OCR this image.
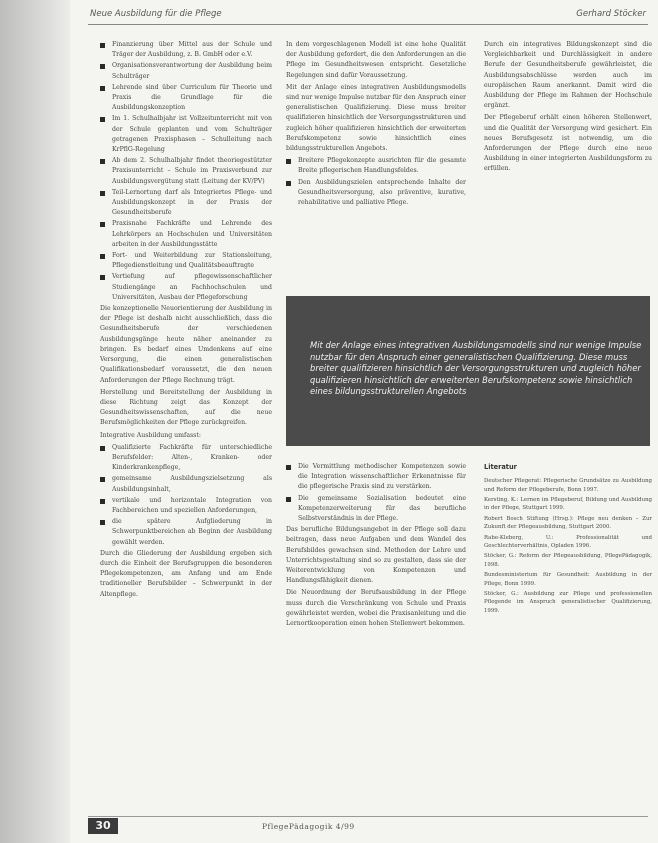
Neue Ausbildung für die Pflege	Gerhard Stöcker
Finanzierung über Mittel aus der Schule und Träger der Ausbildung, z. B. GmbH oder e.V.
Organisationsverantwortung der Ausbildung beim Schulträger
Lehrende sind über Curriculum für Theorie und Praxis die Grundlage für die Ausbildungskonzeption
Im 1. Schulhalbjahr ist Vollzeitunterricht mit von der Schule geplanten und vom Schulträger getragenen Praxisphasen – Schulleitung nach KrPflG-Regelung
Ab dem 2. Schulhalbjahr findet theoriegestützter Praxisunterricht – Schule im Praxisverbund zur Ausbildungsvergütung statt (Leitung der KV/PV)
Teil-Lernortung darf als Integriertes Pflege- und Ausbildungskonzept in der Praxis der Gesundheitsberufe
Praxisnahe Fachkräfte und Lehrende des Lehrkörpers an Hochschulen und Universitäten arbeiten in der Ausbildungsstätte
Fort- und Weiterbildung zur Stationsleitung, Pflegedienstleitung und Qualitätsbeauftragte
Vertiefung auf pflegewissenschaftlicher Studiengänge an Fachhochschulen und Universitäten, Ausbau der Pflegeforschung

Die konzeptionelle Neuorientierung der Ausbildung in der Pflege ist deshalb nicht ausschließlich, dass die Gesundheitsberufe der verschiedenen Ausbildungsgänge heute näher aneinander zu bringen. Es bedarf eines Umdenkens auf eine Versorgung, die einen generalistischen Qualifikationsbedarf voraussetzt, die den neuen Anforderungen der Pflege Rechnung trägt.

Herstellung und Bereitstellung der Ausbildung in diese Richtung zeigt das Konzept der Gesundheitswissenschaften, auf die neue Berufsmöglichkeiten der Pflege zurückgreifen.

Integrative Ausbildung umfasst:

Qualifizierte Fachkräfte für unterschiedliche Berufsfelder: Alten-, Kranken- oder Kinderkrankenpflege,
gemeinsame Ausbildungszielsetzung als Ausbildungsinhalt,
vertikale und horizontale Integration von Fachbereichen und speziellen Anforderungen,
die spätere Aufgliederung in Schwerpunktbereichen ab Beginn der Ausbildung gewählt werden.

Durch die Gliederung der Ausbildung ergeben sich durch die Einheit der Berufsgruppen die besonderen Pflegekompetenzen, am Anfang und am Ende traditioneller Berufsbilder – Schwerpunkt in der Altenpflege.

In dem vorgeschlagenen Modell ist eine hohe Qualität der Ausbildung gefordert, die den Anforderungen an die Pflege im Gesundheitswesen entspricht. Gesetzliche Regelungen sind dafür Voraussetzung.

Mit der Anlage eines integrativen Ausbildungsmodells sind nur wenige Impulse nutzbar für den Anspruch einer generalistischen Qualifizierung. Diese muss breiter qualifizieren hinsichtlich der Versorgungsstrukturen und zugleich höher qualifizieren hinsichtlich der erweiterten Berufskompetenz sowie hinsichtlich eines bildungsstrukturellen Angebots.

Breitere Pflegekonzepte ausrichten für die gesamte Breite pflegerischen Handlungsfeldes.
Den Ausbildungszielen entsprechende Inhalte der Gesundheitsversorgung, also präventive, kurative, rehabilitative und palliative Pflege.

Durch ein integratives Bildungskonzept sind die Vergleichbarkeit und Durchlässigkeit in andere Berufe der Gesundheitsberufe gewährleistet, die Ausbildungsabschlüsse werden auch im europäischen Raum anerkannt. Damit wird die Ausbildung der Pflege im Rahmen der Hochschule ergänzt.

Der Pflegeberuf erhält einen höheren Stellenwert, und die Qualität der Versorgung wird gesichert. Ein neues Berufsgesetz ist notwendig, um die Anforderungen der Pflege durch eine neue Ausbildung in einer integrierten Ausbildungsform zu erfüllen.

Mit der Anlage eines integrativen Ausbildungsmodells sind nur wenige Impulse nutzbar für den Anspruch einer generalistischen Qualifizierung. Diese muss breiter qualifizieren hinsichtlich der Versorgungsstrukturen und zugleich höher qualifizieren hinsichtlich der erweiterten Berufskompetenz sowie hinsichtlich eines bildungsstrukturellen Angebots
Die Vermittlung methodischer Kompetenzen sowie die Integration wissenschaftlicher Erkenntnisse für die pflegerische Praxis sind zu verstärken.
Die gemeinsame Sozialisation bedeutet eine Kompetenzerweiterung für das berufliche Selbstverständnis in der Pflege.

Das berufliche Bildungsangebot in der Pflege soll dazu beitragen, dass neue Aufgaben und dem Wandel des Berufsbildes gewachsen sind. Methoden der Lehre und Unterrichtsgestaltung sind so zu gestalten, dass sie der Weiterentwicklung von Kompetenzen und Handlungsfähigkeit dienen.

Die Neuordnung der Berufsausbildung in der Pflege muss durch die Verschränkung von Schule und Praxis gewährleistet werden, wobei die Praxisanleitung und die Lernortkooperation einen hohen Stellenwert bekommen.

Literatur
Deutscher Pflegerat: Pflegerische Grundsätze zu Ausbildung und Reform der Pflegeberufe, Bonn 1997.
Kersting, K.: Lernen im Pflegeberuf, Bildung und Ausbildung in der Pflege, Stuttgart 1999.
Robert Bosch Stiftung (Hrsg.): Pflege neu denken – Zur Zukunft der Pflegeausbildung, Stuttgart 2000.
Rabe-Kleberg, U.: Professionalität und Geschlechterverhältnis, Opladen 1996.
Stöcker, G.: Reform der Pflegeausbildung, PflegePädagogik, 1998.
Bundesministerium für Gesundheit: Ausbildung in der Pflege, Bonn 1999.
Stöcker, G.: Ausbildung zur Pflege und professionellen Pflegende im Anspruch generalistischer Qualifizierung, 1999.
30	PflegePädagogik 4/99
